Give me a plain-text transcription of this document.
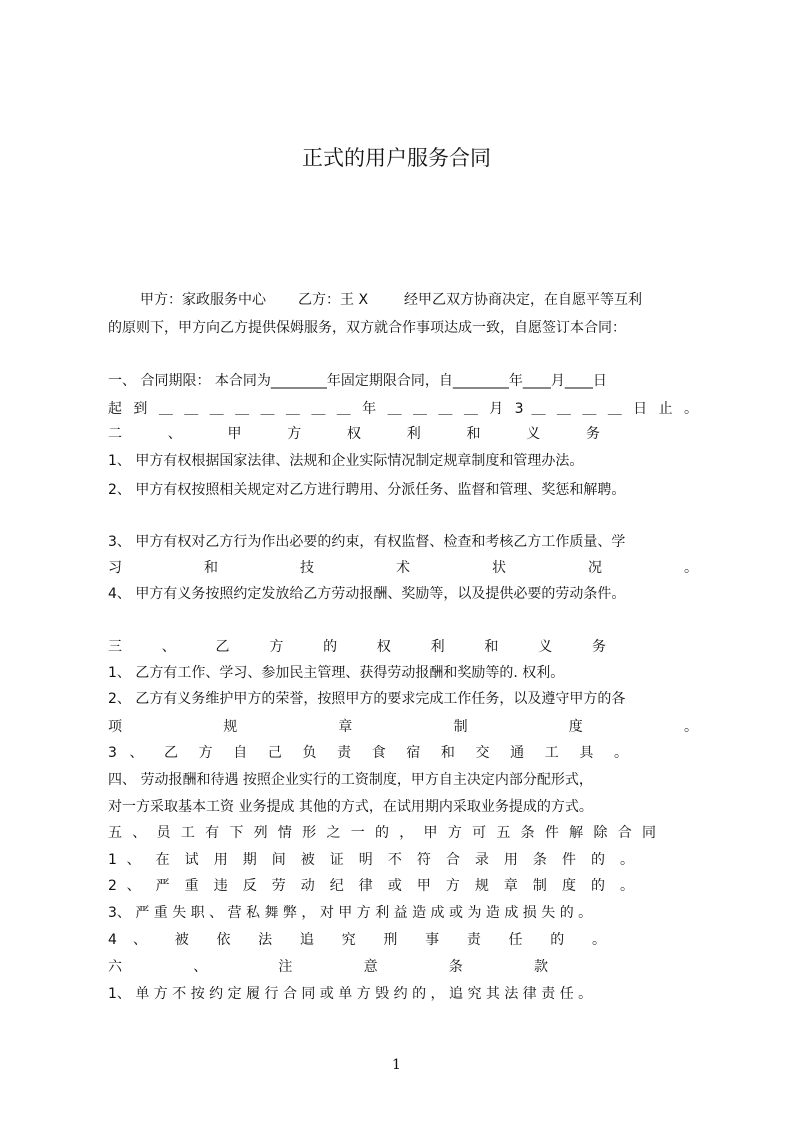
正式的用户服务合同
甲方：家政服务中心 乙方：王 X	经甲乙双方协商决定，在自愿平等互利
的原则下，甲方向乙方提供保姆服务，双方就合作事项达成一致，自愿签订本合同：
一、 合同期限： 本合同为________年固定期限合同，自________年____月____日
起 到 ＿ ＿ ＿ ＿ ＿ ＿ ＿ ＿ 年 ＿ ＿ ＿ ＿ 月 3 ＿ ＿ ＿ ＿ 日 止 。
二 、 甲 方 权 利 和 义 务
1、 甲方有权根据国家法律、法规和企业实际情况制定规章制度和管理办法。
2、 甲方有权按照相关规定对乙方进行聘用、分派任务、监督和管理、奖惩和解聘。
3、 甲方有权对乙方行为作出必要的约束，有权监督、检查和考核乙方工作质量、学
习 和 技 术 状 况 。
4、 甲方有义务按照约定发放给乙方劳动报酬、奖励等，以及提供必要的劳动条件。
三 、 乙 方 的 权 利 和 义 务
1、 乙方有工作、学习、参加民主管理、获得劳动报酬和奖励等的. 权利。
2、 乙方有义务维护甲方的荣誉，按照甲方的要求完成工作任务，以及遵守甲方的各
项 规 章 制 度 。
3 、 乙 方 自 己 负 责 食 宿 和 交 通 工 具 。
四、 劳动报酬和待遇 按照企业实行的工资制度，甲方自主决定内部分配形式，
对一方采取基本工资 业务提成 其他的方式，在试用期内采取业务提成的方式。
五 、 员 工 有 下 列 情 形 之 一 的 ， 甲 方 可 五 条 件 解 除 合 同
1 、 在 试 用 期 间 被 证 明 不 符 合 录 用 条 件 的 。
2 、 严 重 违 反 劳 动 纪 律 或 甲 方 规 章 制 度 的 。
3、 严 重 失 职 、 营 私 舞 弊 ， 对 甲 方 利 益 造 成 或 为 造 成 损 失 的 。
4 、 被 依 法 追 究 刑 事 责 任 的 。
六 、 注 意 条 款
1、 单 方 不 按 约 定 履 行 合 同 或 单 方 毁 约 的 ， 追 究 其 法 律 责 任 。
1
